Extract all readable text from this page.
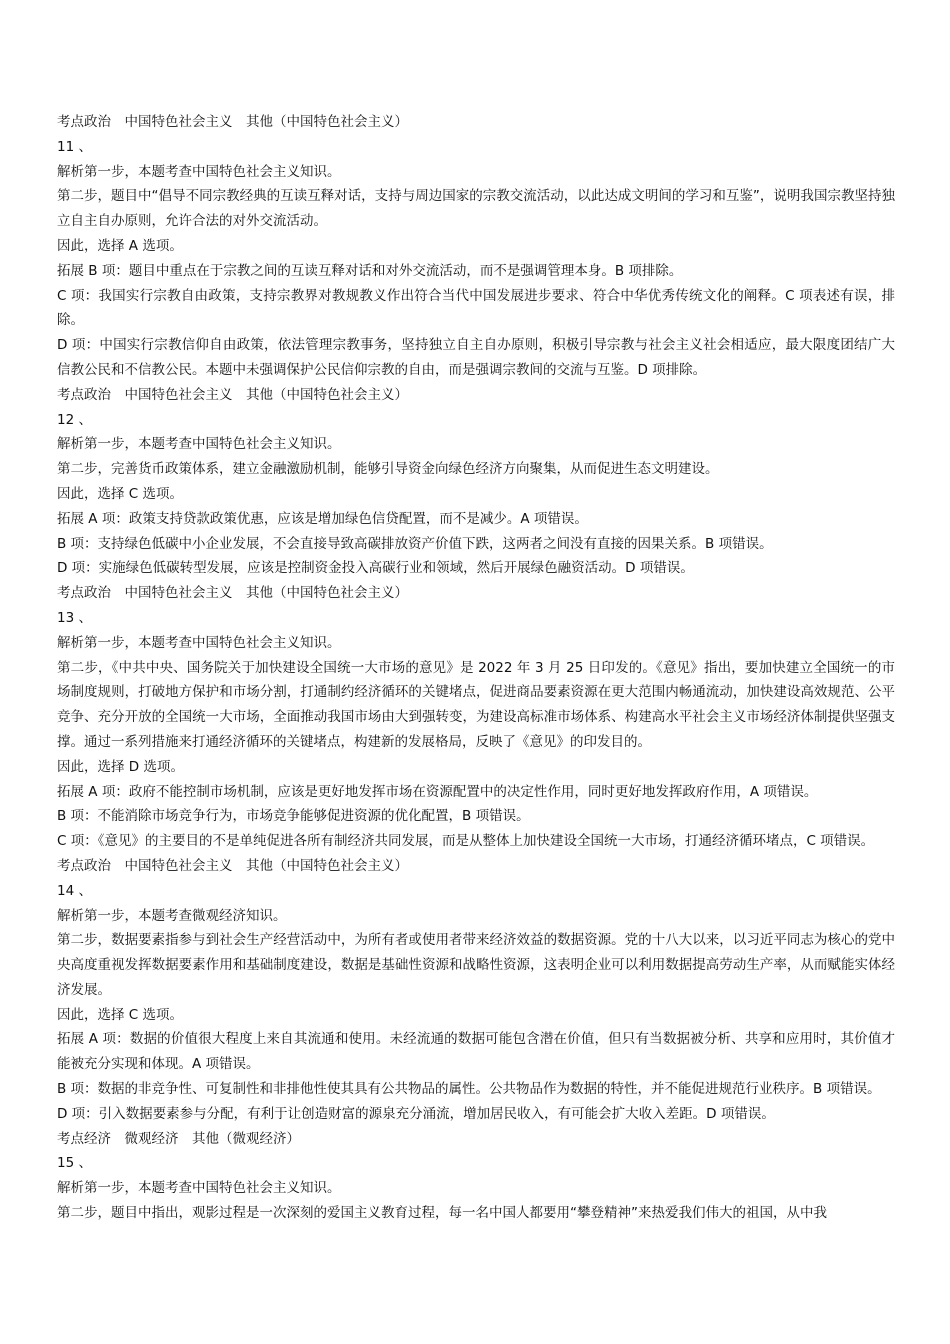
考点政治　中国特色社会主义　其他（中国特色社会主义）

11 、

解析第一步，本题考查中国特色社会主义知识。

第二步，题目中“倡导不同宗教经典的互读互释对话，支持与周边国家的宗教交流活动，以此达成文明间的学习和互鉴”，说明我国宗教坚持独立自主自办原则，允许合法的对外交流活动。

因此，选择 A 选项。

拓展 B 项：题目中重点在于宗教之间的互读互释对话和对外交流活动，而不是强调管理本身。B 项排除。

C 项：我国实行宗教自由政策，支持宗教界对教规教义作出符合当代中国发展进步要求、符合中华优秀传统文化的阐释。C 项表述有误，排除。

D 项：中国实行宗教信仰自由政策，依法管理宗教事务，坚持独立自主自办原则，积极引导宗教与社会主义社会相适应，最大限度团结广大信教公民和不信教公民。本题中未强调保护公民信仰宗教的自由，而是强调宗教间的交流与互鉴。D 项排除。

考点政治　中国特色社会主义　其他（中国特色社会主义）

12 、

解析第一步，本题考查中国特色社会主义知识。

第二步，完善货币政策体系，建立金融激励机制，能够引导资金向绿色经济方向聚集，从而促进生态文明建设。

因此，选择 C 选项。

拓展 A 项：政策支持贷款政策优惠，应该是增加绿色信贷配置，而不是减少。A 项错误。

B 项：支持绿色低碳中小企业发展，不会直接导致高碳排放资产价值下跌，这两者之间没有直接的因果关系。B 项错误。

D 项：实施绿色低碳转型发展，应该是控制资金投入高碳行业和领域，然后开展绿色融资活动。D 项错误。

考点政治　中国特色社会主义　其他（中国特色社会主义）

13 、

解析第一步，本题考查中国特色社会主义知识。

第二步，《中共中央、国务院关于加快建设全国统一大市场的意见》是 2022 年 3 月 25 日印发的。《意见》指出，要加快建立全国统一的市场制度规则，打破地方保护和市场分割，打通制约经济循环的关键堵点，促进商品要素资源在更大范围内畅通流动，加快建设高效规范、公平竞争、充分开放的全国统一大市场，全面推动我国市场由大到强转变，为建设高标准市场体系、构建高水平社会主义市场经济体制提供坚强支撑。通过一系列措施来打通经济循环的关键堵点，构建新的发展格局，反映了《意见》的印发目的。

因此，选择 D 选项。

拓展 A 项：政府不能控制市场机制，应该是更好地发挥市场在资源配置中的决定性作用，同时更好地发挥政府作用，A 项错误。

B 项：不能消除市场竞争行为，市场竞争能够促进资源的优化配置，B 项错误。

C 项：《意见》的主要目的不是单纯促进各所有制经济共同发展，而是从整体上加快建设全国统一大市场，打通经济循环堵点，C 项错误。

考点政治　中国特色社会主义　其他（中国特色社会主义）

14 、

解析第一步，本题考查微观经济知识。

第二步，数据要素指参与到社会生产经营活动中，为所有者或使用者带来经济效益的数据资源。党的十八大以来，以习近平同志为核心的党中央高度重视发挥数据要素作用和基础制度建设，数据是基础性资源和战略性资源，这表明企业可以利用数据提高劳动生产率，从而赋能实体经济发展。

因此，选择 C 选项。

拓展 A 项：数据的价值很大程度上来自其流通和使用。未经流通的数据可能包含潜在价值，但只有当数据被分析、共享和应用时，其价值才能被充分实现和体现。A 项错误。

B 项：数据的非竞争性、可复制性和非排他性使其具有公共物品的属性。公共物品作为数据的特性，并不能促进规范行业秩序。B 项错误。

D 项：引入数据要素参与分配，有利于让创造财富的源泉充分涌流，增加居民收入，有可能会扩大收入差距。D 项错误。

考点经济　微观经济　其他（微观经济）

15 、

解析第一步，本题考查中国特色社会主义知识。

第二步，题目中指出，观影过程是一次深刻的爱国主义教育过程，每一名中国人都要用“攀登精神”来热爱我们伟大的祖国，从中我
